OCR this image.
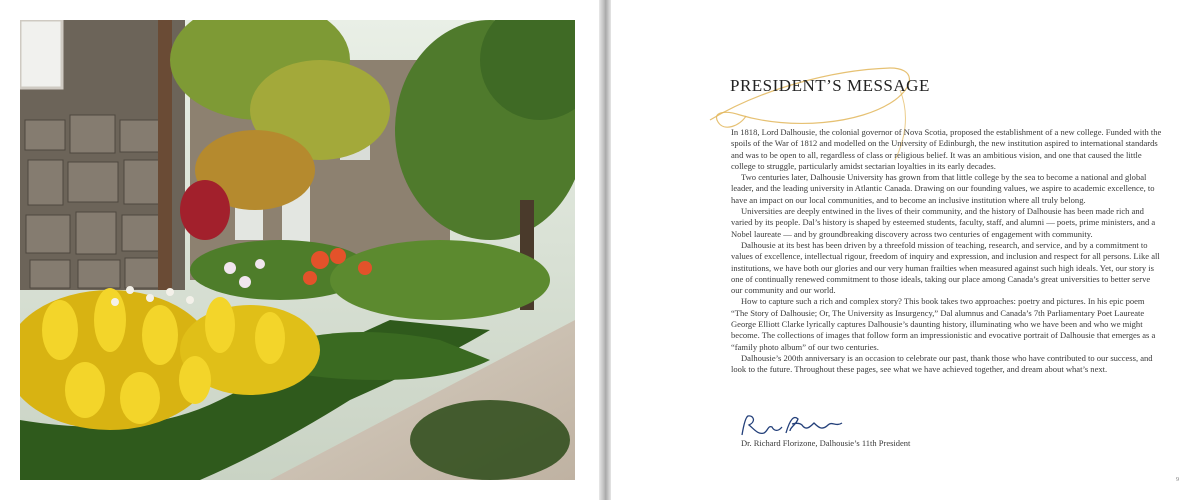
PRESIDENT’S MESSAGE

In 1818, Lord Dalhousie, the colonial governor of Nova Scotia, proposed the establishment of a new college. Funded with the spoils of the War of 1812 and modelled on the University of Edinburgh, the new institution aspired to international standards and was to be open to all, regardless of class or religious belief. It was an ambitious vision, and one that caused the little college to struggle, particularly amidst sectarian loyalties in its early decades.

Two centuries later, Dalhousie University has grown from that little college by the sea to become a national and global leader, and the leading university in Atlantic Canada. Drawing on our founding values, we aspire to academic excellence, to have an impact on our local communities, and to become an inclusive institution where all truly belong.

Universities are deeply entwined in the lives of their community, and the history of Dalhousie has been made rich and varied by its people. Dal’s history is shaped by esteemed students, faculty, staff, and alumni — poets, prime ministers, and a Nobel laureate — and by groundbreaking discovery across two centuries of engagement with community.

Dalhousie at its best has been driven by a threefold mission of teaching, research, and service, and by a commitment to values of excellence, intellectual rigour, freedom of inquiry and expression, and inclusion and respect for all persons. Like all institutions, we have both our glories and our very human frailties when measured against such high ideals. Yet, our story is one of continually renewed commitment to those ideals, taking our place among Canada’s great universities to better serve our community and our world.

How to capture such a rich and complex story? This book takes two approaches: poetry and pictures. In his epic poem “The Story of Dalhousie; Or, The University as Insurgency,” Dal alumnus and Canada’s 7th Parliamentary Poet Laureate George Elliott Clarke lyrically captures Dalhousie’s daunting history, illuminating who we have been and who we might become. The collections of images that follow form an impressionistic and evocative portrait of Dalhousie that emerges as a “family photo album” of our two centuries.

Dalhousie’s 200th anniversary is an occasion to celebrate our past, thank those who have contributed to our success, and look to the future. Throughout these pages, see what we have achieved together, and dream about what’s next.

Dr. Richard Florizone, Dalhousie’s 11th President
9
